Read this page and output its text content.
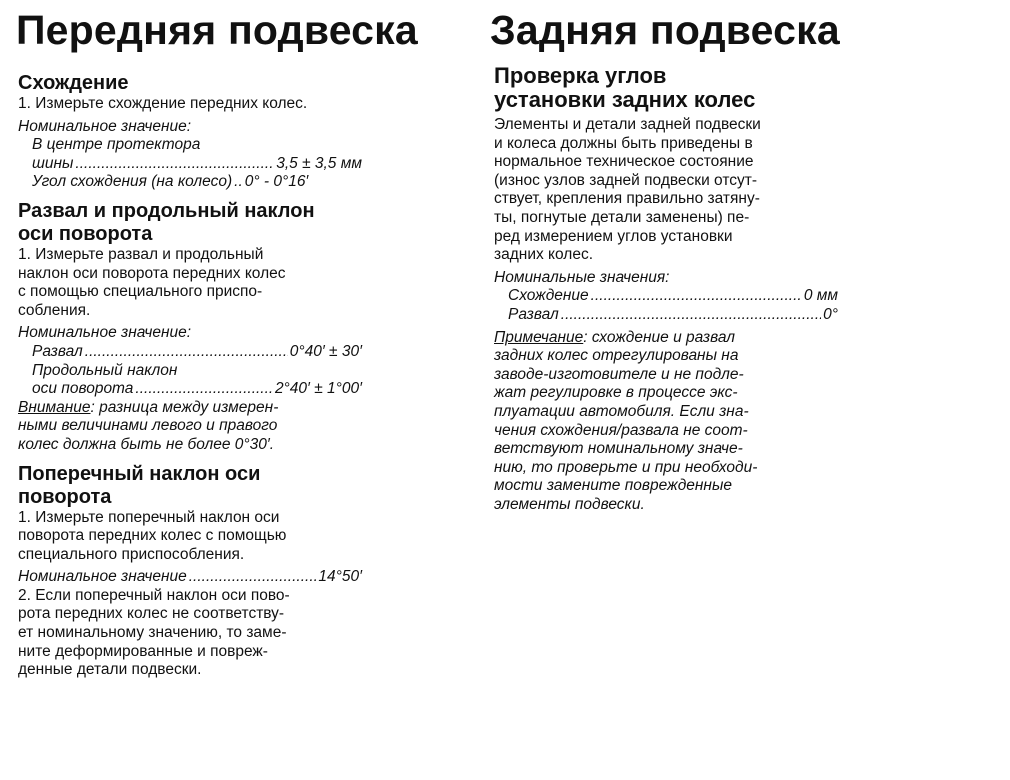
Передняя подвеска Задняя подвеска
Схождение
1. Измерьте схождение передних колес.
Номинальное значение:
В центре протектора
шины .....	3,5 ± 3,5 мм
Угол схождения (на колесо) .. 0° - 0°16′
Развал и продольный наклон
оси поворота
1. Измерьте развал и продольный
наклон оси поворота передних колес
с помощью специального приспо-
собления.
Номинальное значение:
Развал .....	0°40′ ± 30′
Продольный наклон
оси поворота .....	2°40′ ± 1°00′
Внимание: разница между измерен-
ными величинами левого и правого
колес должна быть не более 0°30′.
Поперечный наклон оси
поворота
1. Измерьте поперечный наклон оси
поворота передних колес с помощью
специального приспособления.
Номинальное значение .....	14°50′
2. Если поперечный наклон оси пово-
рота передних колес не соответству-
ет номинальному значению, то заме-
ните деформированные и повреж-
денные детали подвески.
Проверка углов
установки задних колес
Элементы и детали задней подвески
и колеса должны быть приведены в
нормальное техническое состояние
(износ узлов задней подвески отсут-
ствует, крепления правильно затяну-
ты, погнутые детали заменены) пе-
ред измерением углов установки
задних колес.
Номинальные значения:
Схождение .....	0 мм
Развал .....	0°
Примечание: схождение и развал
задних колес отрегулированы на
заводе-изготовителе и не подле-
жат регулировке в процессе экс-
плуатации автомобиля. Если зна-
чения схождения/развала не соот-
ветствуют номинальному значе-
нию, то проверьте и при необходи-
мости замените поврежденные
элементы подвески.
